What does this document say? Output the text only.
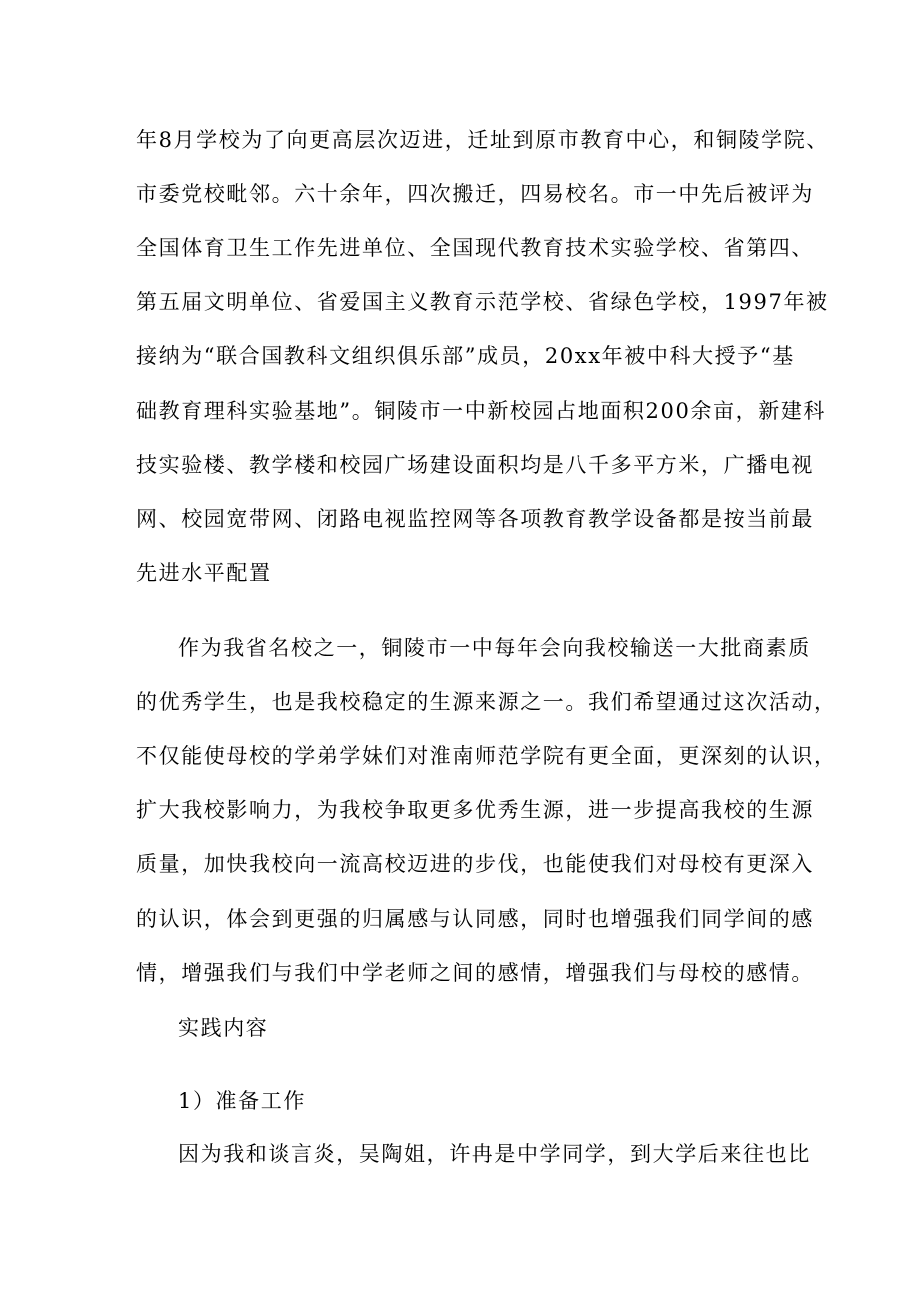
年8月学校为了向更高层次迈进，迁址到原市教育中心，和铜陵学院、
市委党校毗邻。六十余年，四次搬迁，四易校名。市一中先后被评为
全国体育卫生工作先进单位、全国现代教育技术实验学校、省第四、
第五届文明单位、省爱国主义教育示范学校、省绿色学校，1997年被
接纳为“联合国教科文组织俱乐部”成员，20xx年被中科大授予“基
础教育理科实验基地”。铜陵市一中新校园占地面积200余亩，新建科
技实验楼、教学楼和校园广场建设面积均是八千多平方米，广播电视
网、校园宽带网、闭路电视监控网等各项教育教学设备都是按当前最
先进水平配置
作为我省名校之一，铜陵市一中每年会向我校输送一大批商素质
的优秀学生，也是我校稳定的生源来源之一。我们希望通过这次活动，
不仅能使母校的学弟学妹们对淮南师范学院有更全面，更深刻的认识，
扩大我校影响力，为我校争取更多优秀生源，进一步提高我校的生源
质量，加快我校向一流高校迈进的步伐，也能使我们对母校有更深入
的认识，体会到更强的归属感与认同感，同时也增强我们同学间的感
情，增强我们与我们中学老师之间的感情，增强我们与母校的感情。
实践内容
1）准备工作
因为我和谈言炎，吴陶姐，许冉是中学同学，到大学后来往也比
